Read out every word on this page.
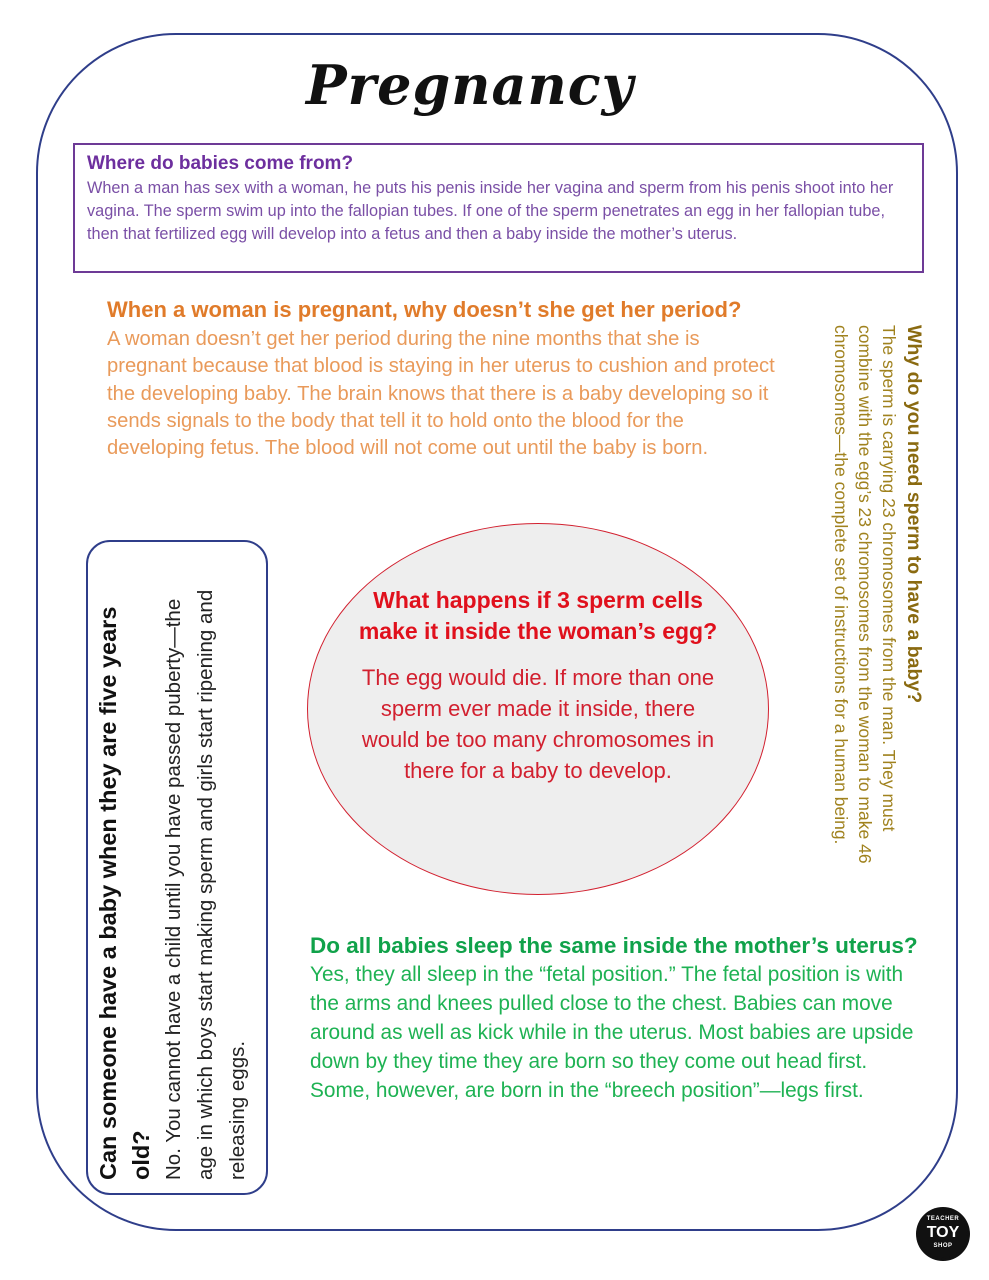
Pregnancy
Where do babies come from?
When a man has sex with a woman, he puts his penis inside her vagina and sperm from his penis shoot into her vagina. The sperm swim up into the fallopian tubes. If one of the sperm penetrates an egg in her fallopian tube, then that fertilized egg will develop into a fetus and then a baby inside the mother’s uterus.
When a woman is pregnant, why doesn’t she get her period?
A woman doesn’t get her period during the nine months that she is pregnant because that blood is staying in her uterus to cushion and protect the developing baby. The brain knows that there is a baby developing so it sends signals to the body that tell it to hold onto the blood for the developing fetus. The blood will not come out until the baby is born.	Why do you need sperm to have a baby?
The sperm is carrying 23 chromosomes from the man. They must combine with the egg’s 23 chromosomes from the woman to make 46 chromosomes—the complete set of instructions for a human being.
Can someone have a baby when they are five years old? No. You cannot have a child until you have passed puberty—the age in which boys start making sperm and girls start ripening and releasing eggs.
What happens if 3 sperm cells make it inside the woman’s egg?
The egg would die. If more than one sperm ever made it inside, there would be too many chromosomes in there for a baby to develop.
Do all babies sleep the same inside the mother’s uterus?
Yes, they all sleep in the “fetal position.” The fetal position is with the arms and knees pulled close to the chest. Babies can move around as well as kick while in the uterus. Most babies are upside down by they time they are born so they come out head first. Some, however, are born in the “breech position”—legs first.
TEACHER
TOY
SHOP
